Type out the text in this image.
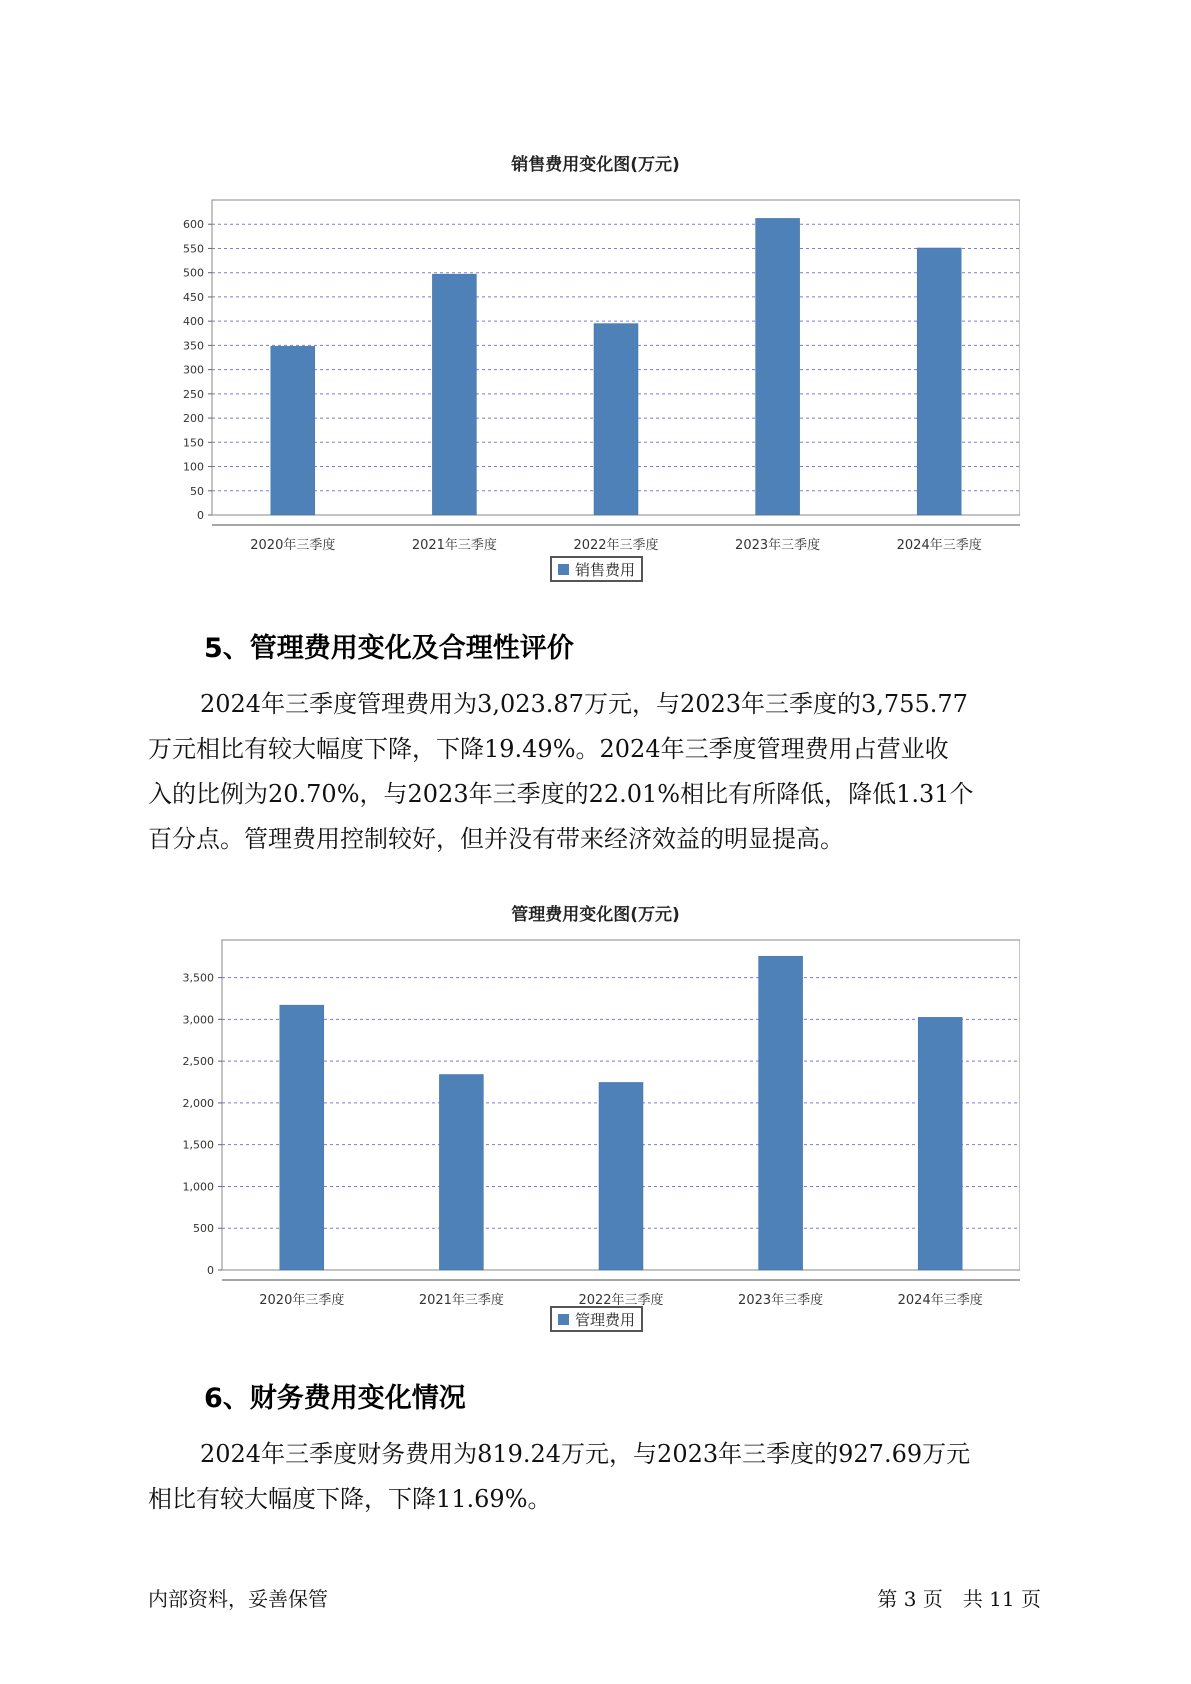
销售费用变化图(万元)
0
50
100
150
200
250
300
350
400
450
500
550
600
2020年三季度	2021年三季度	2022年三季度	2023年三季度	2024年三季度
销售费用
5、管理费用变化及合理性评价
2024年三季度管理费用为3,023.87万元，与2023年三季度的3,755.77
万元相比有较大幅度下降，下降19.49%。2024年三季度管理费用占营业收
入的比例为20.70%，与2023年三季度的22.01%相比有所降低，降低1.31个
百分点。管理费用控制较好，但并没有带来经济效益的明显提高。
管理费用变化图(万元)
0
500
1,000
1,500
2,000
2,500
3,000
3,500
2020年三季度	2021年三季度	2022年三季度	2023年三季度	2024年三季度
管理费用
6、财务费用变化情况
2024年三季度财务费用为819.24万元，与2023年三季度的927.69万元
相比有较大幅度下降，下降11.69%。
内部资料，妥善保管	第 3 页　共 11 页
